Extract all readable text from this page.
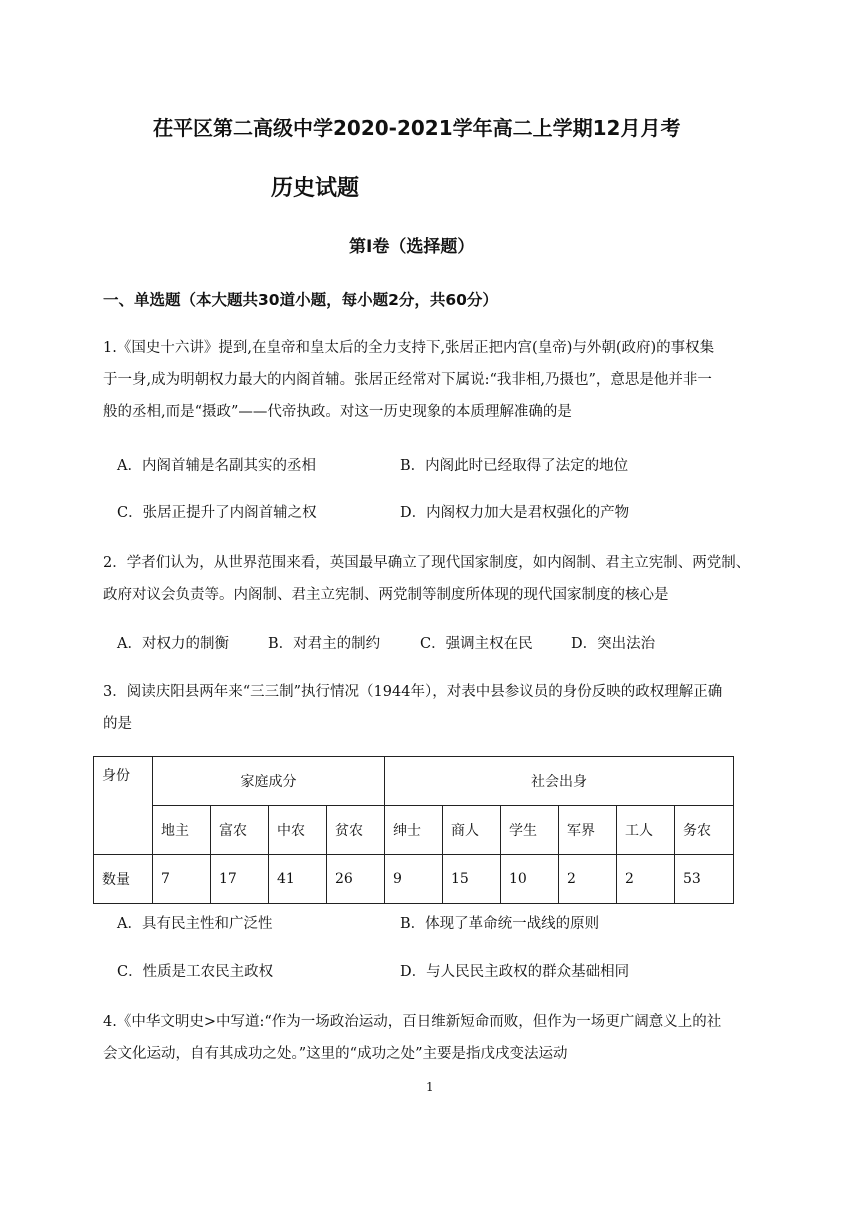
茌平区第二高级中学2020-2021学年高二上学期12月月考
历史试题
第Ⅰ卷（选择题）
一、单选题（本大题共30道小题，每小题2分，共60分）
1.《国史十六讲》提到,在皇帝和皇太后的全力支持下,张居正把内宫(皇帝)与外朝(政府)的事权集
于一身,成为明朝权力最大的内阁首辅。张居正经常对下属说:“我非相,乃摄也”，意思是他并非一
般的丞相,而是“摄政”——代帝执政。对这一历史现象的本质理解准确的是
A．内阁首辅是名副其实的丞相	B．内阁此时已经取得了法定的地位
C．张居正提升了内阁首辅之权	D．内阁权力加大是君权强化的产物
2．学者们认为，从世界范围来看，英国最早确立了现代国家制度，如内阁制、君主立宪制、两党制、
政府对议会负责等。内阁制、君主立宪制、两党制等制度所体现的现代国家制度的核心是
A．对权力的制衡	B．对君主的制约	C．强调主权在民	D．突出法治
3．阅读庆阳县两年来“三三制”执行情况（1944年），对表中县参议员的身份反映的政权理解正确
的是
身份	家庭成分				社会出身					
	地主	富农	中农	贫农	绅士	商人	学生	军界	工人	务农
数量	7	17	41	26	9	15	10	2	2	53
A．具有民主性和广泛性	B．体现了革命统一战线的原则
C．性质是工农民主政权	D．与人民民主政权的群众基础相同
4.《中华文明史>中写道:“作为一场政治运动，百日维新短命而败，但作为一场更广阔意义上的社
会文化运动，自有其成功之处。”这里的“成功之处”主要是指戊戌变法运动
1
